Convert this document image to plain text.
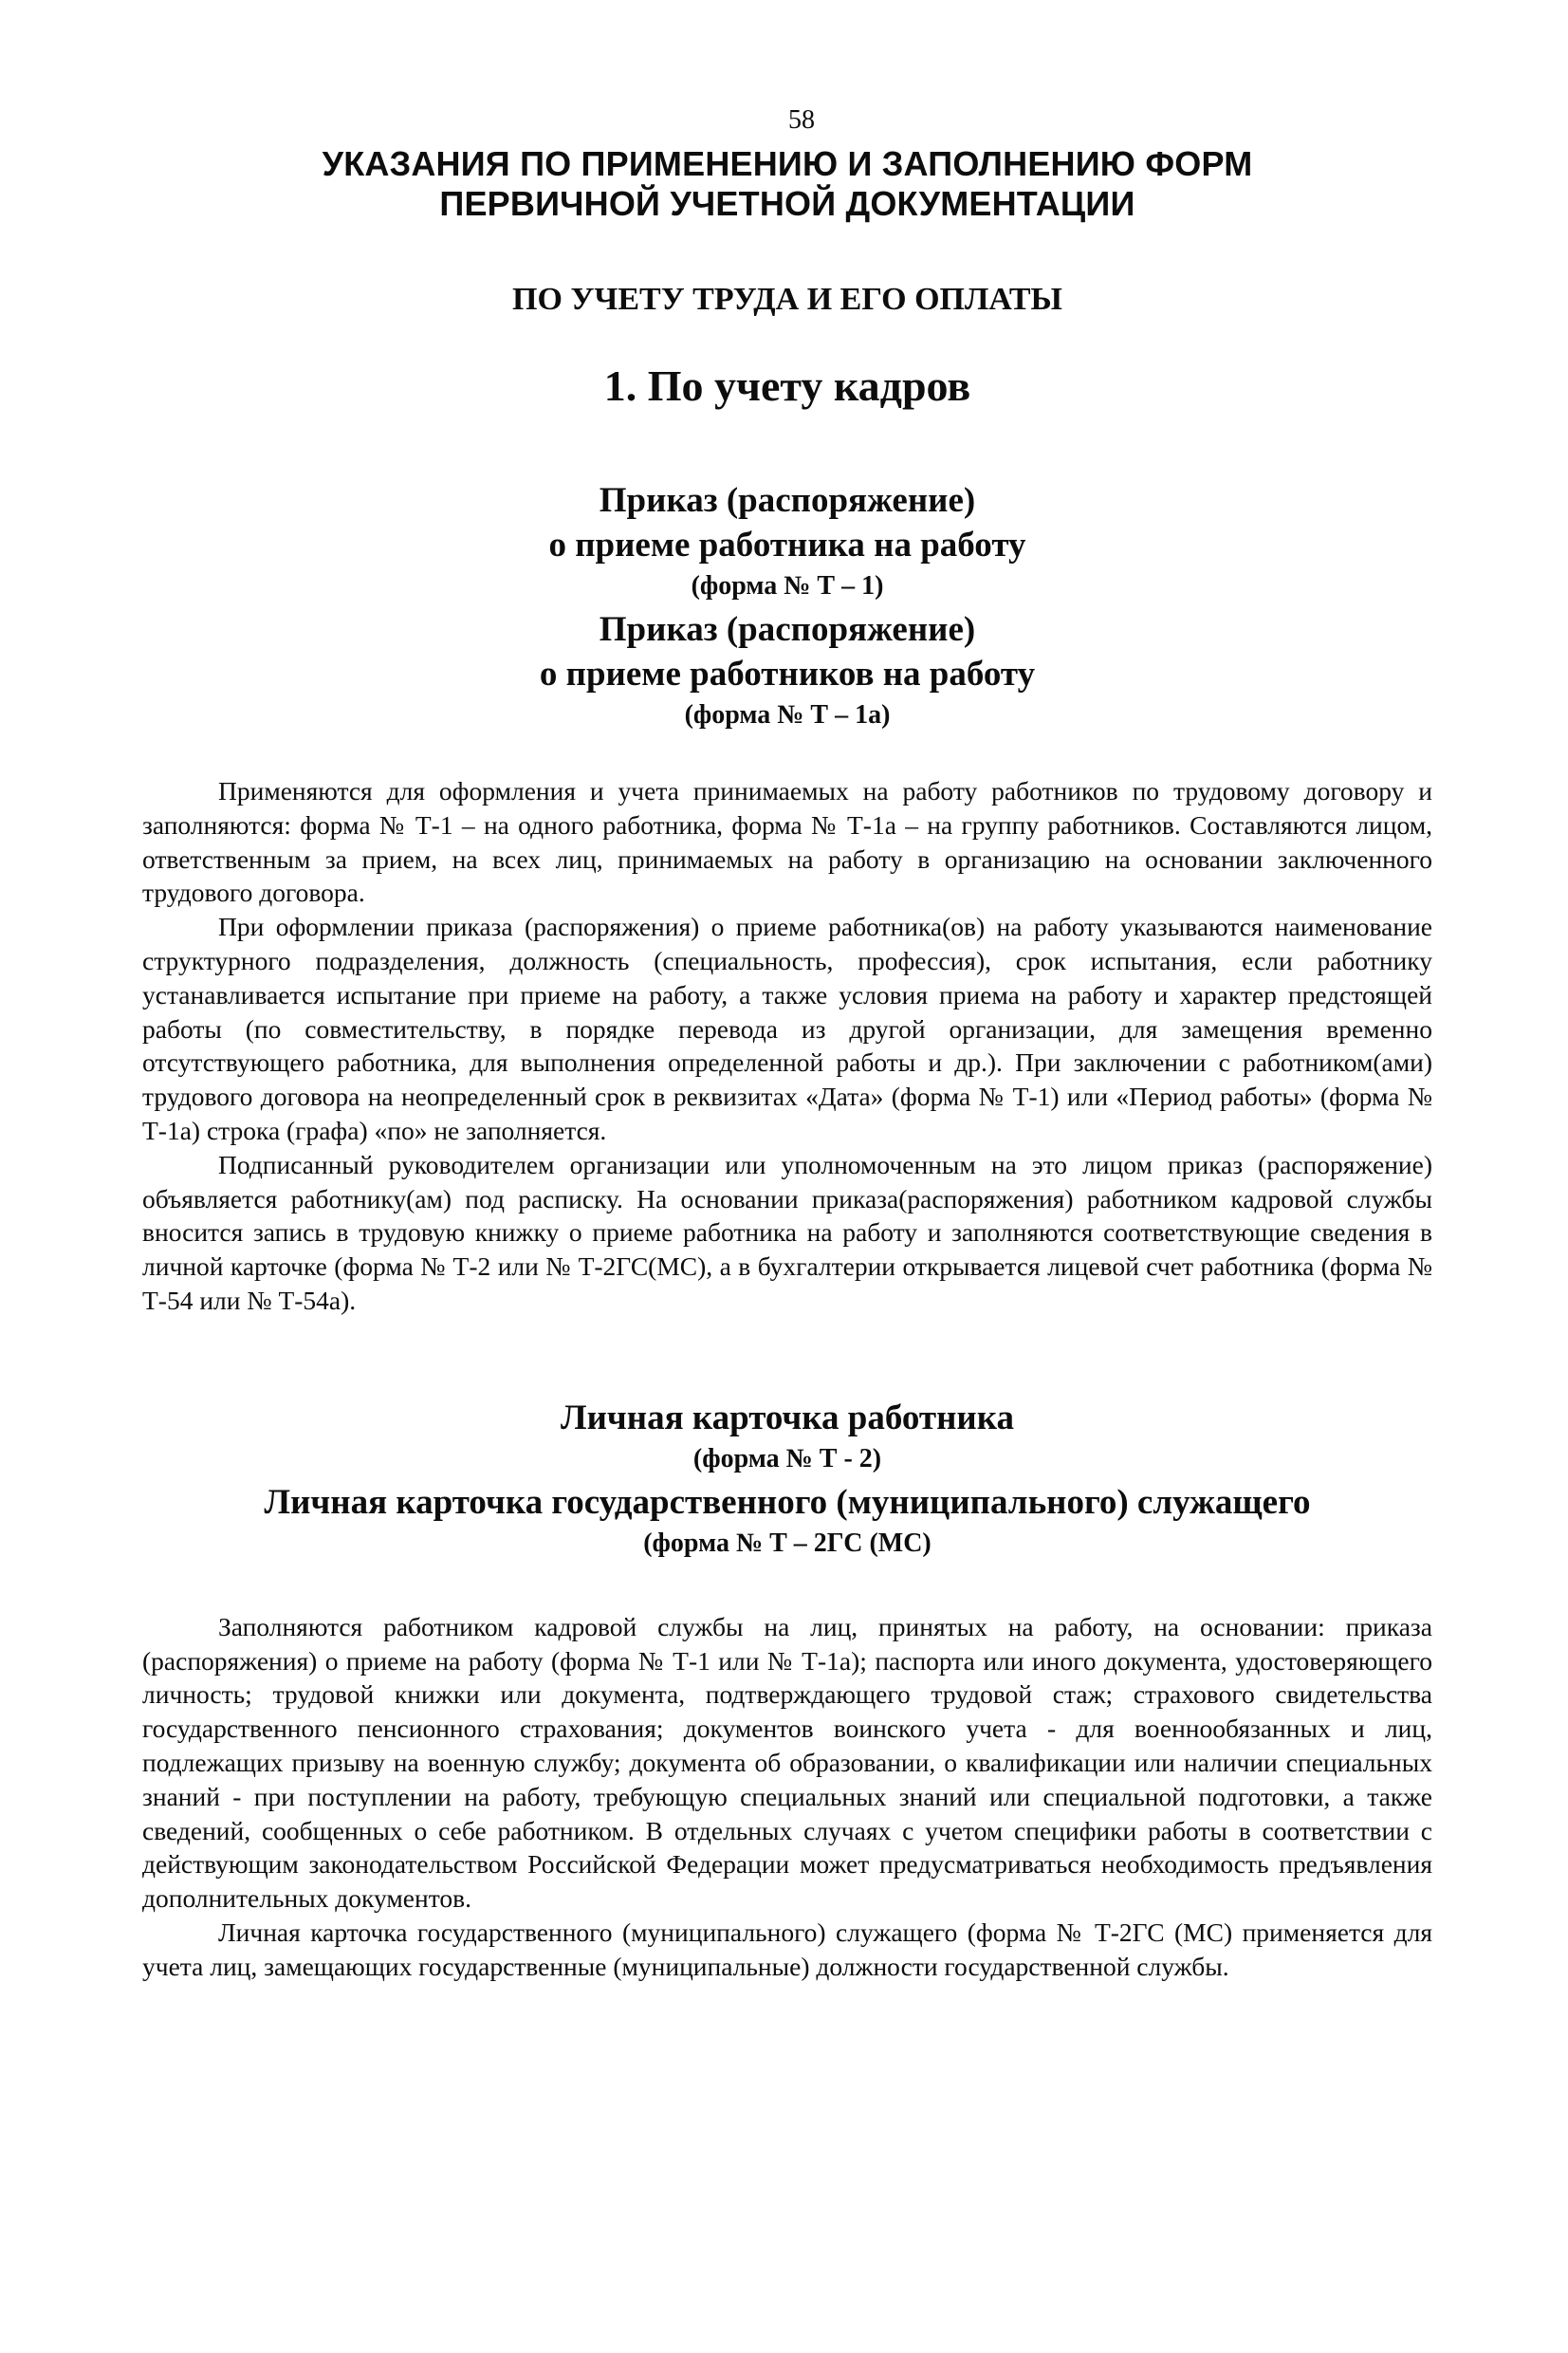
58
УКАЗАНИЯ ПО ПРИМЕНЕНИЮ И ЗАПОЛНЕНИЮ ФОРМ
ПЕРВИЧНОЙ УЧЕТНОЙ ДОКУМЕНТАЦИИ
ПО УЧЕТУ ТРУДА И ЕГО ОПЛАТЫ
1. По учету кадров
Приказ (распоряжение)
о приеме работника на работу
(форма № Т – 1)
Приказ (распоряжение)
о приеме работников на работу
(форма № Т – 1а)

Применяются для оформления и учета принимаемых на работу работников по трудовому договору и заполняются: форма № Т-1 – на одного работника, форма № Т-1а – на группу работников. Составляются лицом, ответственным за прием, на всех лиц, принимаемых на работу в организацию на основании заключенного трудового договора.

При оформлении приказа (распоряжения) о приеме работника(ов) на работу указываются наименование структурного подразделения, должность (специальность, профессия), срок испытания, если работнику устанавливается испытание при приеме на работу, а также условия приема на работу и характер предстоящей работы (по совместительству, в порядке перевода из другой организации, для замещения временно отсутствующего работника, для выполнения определенной работы и др.). При заключении с работником(ами) трудового договора на неопределенный срок в реквизитах «Дата» (форма № Т-1) или «Период работы» (форма № Т-1а) строка (графа) «по» не заполняется.

Подписанный руководителем организации или уполномоченным на это лицом приказ (распоряжение) объявляется работнику(ам) под расписку. На основании приказа(распоряжения) работником кадровой службы вносится запись в трудовую книжку о приеме работника на работу и заполняются соответствующие сведения в личной карточке (форма № Т-2 или № Т-2ГС(МС), а в бухгалтерии открывается лицевой счет работника (форма № Т-54 или № Т-54а).

Личная карточка работника
(форма № Т - 2)
Личная карточка государственного (муниципального) служащего
(форма № Т – 2ГС (МС)

Заполняются работником кадровой службы на лиц, принятых на работу, на основании: приказа (распоряжения) о приеме на работу (форма № Т-1 или № Т-1а); паспорта или иного документа, удостоверяющего личность; трудовой книжки или документа, подтверждающего трудовой стаж; страхового свидетельства государственного пенсионного страхования; документов воинского учета - для военнообязанных и лиц, подлежащих призыву на военную службу; документа об образовании, о квалификации или наличии специальных знаний - при поступлении на работу, требующую специальных знаний или специальной подготовки, а также сведений, сообщенных о себе работником. В отдельных случаях с учетом специфики работы в соответствии с действующим законодательством Российской Федерации может предусматриваться необходимость предъявления дополнительных документов.

Личная карточка государственного (муниципального) служащего (форма № Т-2ГС (МС) применяется для учета лиц, замещающих государственные (муниципальные) должности государственной службы.
